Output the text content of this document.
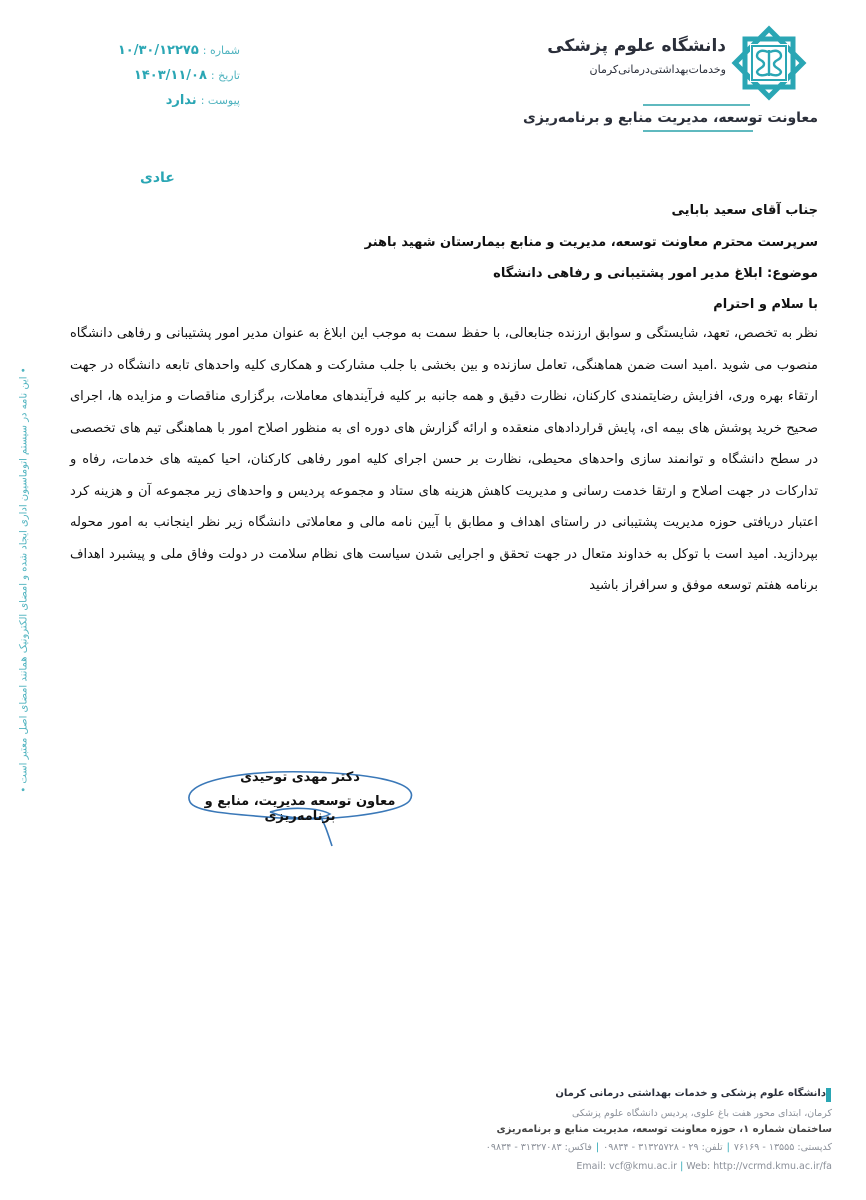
دانشگاه علوم پزشکی
وخدمات‌بهداشتی‌درمانی‌کرمان
معاونت توسعه، مدیریت منابع و برنامه‌ریزی
شماره :
۱۰/۳۰/۱۲۲۷۵
تاریخ :
۱۴۰۳/۱۱/۰۸
پیوست :
ندارد
عادی
جناب آقای سعید بابایی
سرپرست محترم معاونت توسعه، مدیریت و منابع بیمارستان شهید باهنر
موضوع: ابلاغ مدیر امور پشتیبانی و رفاهی دانشگاه
با سلام و احترام
نظر به تخصص، تعهد، شایستگی و سوابق ارزنده جنابعالی، با حفظ سمت به موجب این ابلاغ به عنوان مدیر امور پشتیبانی و رفاهی دانشگاه منصوب می شوید .امید است ضمن هماهنگی، تعامل سازنده و بین بخشی با جلب مشارکت و همکاری کلیه واحدهای تابعه دانشگاه در جهت ارتقاء بهره وری، افزایش رضایتمندی کارکنان، نظارت دقیق و همه جانبه بر کلیه فرآیندهای معاملات، برگزاری مناقصات و مزایده ها، اجرای صحیح خرید پوشش های بیمه ای، پایش قراردادهای منعقده و ارائه گزارش های دوره ای به منظور اصلاح امور با هماهنگی تیم های تخصصی در سطح دانشگاه و توانمند سازی واحدهای محیطی، نظارت بر حسن اجرای کلیه امور رفاهی کارکنان، احیا کمیته های خدمات، رفاه و تدارکات در جهت اصلاح و ارتقا خدمت رسانی و مدیریت کاهش هزینه های ستاد و مجموعه پردیس و واحدهای زیر مجموعه آن و هزینه کرد اعتبار دریافتی حوزه مدیریت پشتیبانی در راستای اهداف و مطابق با آیین نامه مالی و معاملاتی دانشگاه زیر نظر اینجانب به امور محوله بپردازید. امید است با توکل به خداوند متعال در جهت تحقق و اجرایی شدن سیاست های نظام سلامت در دولت وفاق ملی و پیشبرد اهداف برنامه هفتم توسعه موفق و سرافراز باشید
دکتر مهدی توحیدی
معاون توسعه مدیریت، منابع و برنامه‌ریزی
• این نامه در سیستم اتوماسیون اداری ایجاد شده و امضای الکترونیک همانند امضای اصل معتبر است •
دانشگاه علوم پزشکی و خدمات بهداشتی درمانی کرمان
کرمان، ابتدای محور هفت باغ علوی، پردیس دانشگاه علوم پزشکی
ساختمان شماره ۱، حوزه معاونت توسعه، مدیریت منابع و برنامه‌ریزی
کدپستی: ۱۳۵۵۵ - ۷۶۱۶۹|تلفن: ۲۹ - ۳۱۳۲۵۷۲۸ - ۰۹۸۳۴|فاکس: ۳۱۳۲۷۰۸۳ - ۰۹۸۳۴
Email: vcf@kmu.ac.ir | Web: http://vcrmd.kmu.ac.ir/fa
